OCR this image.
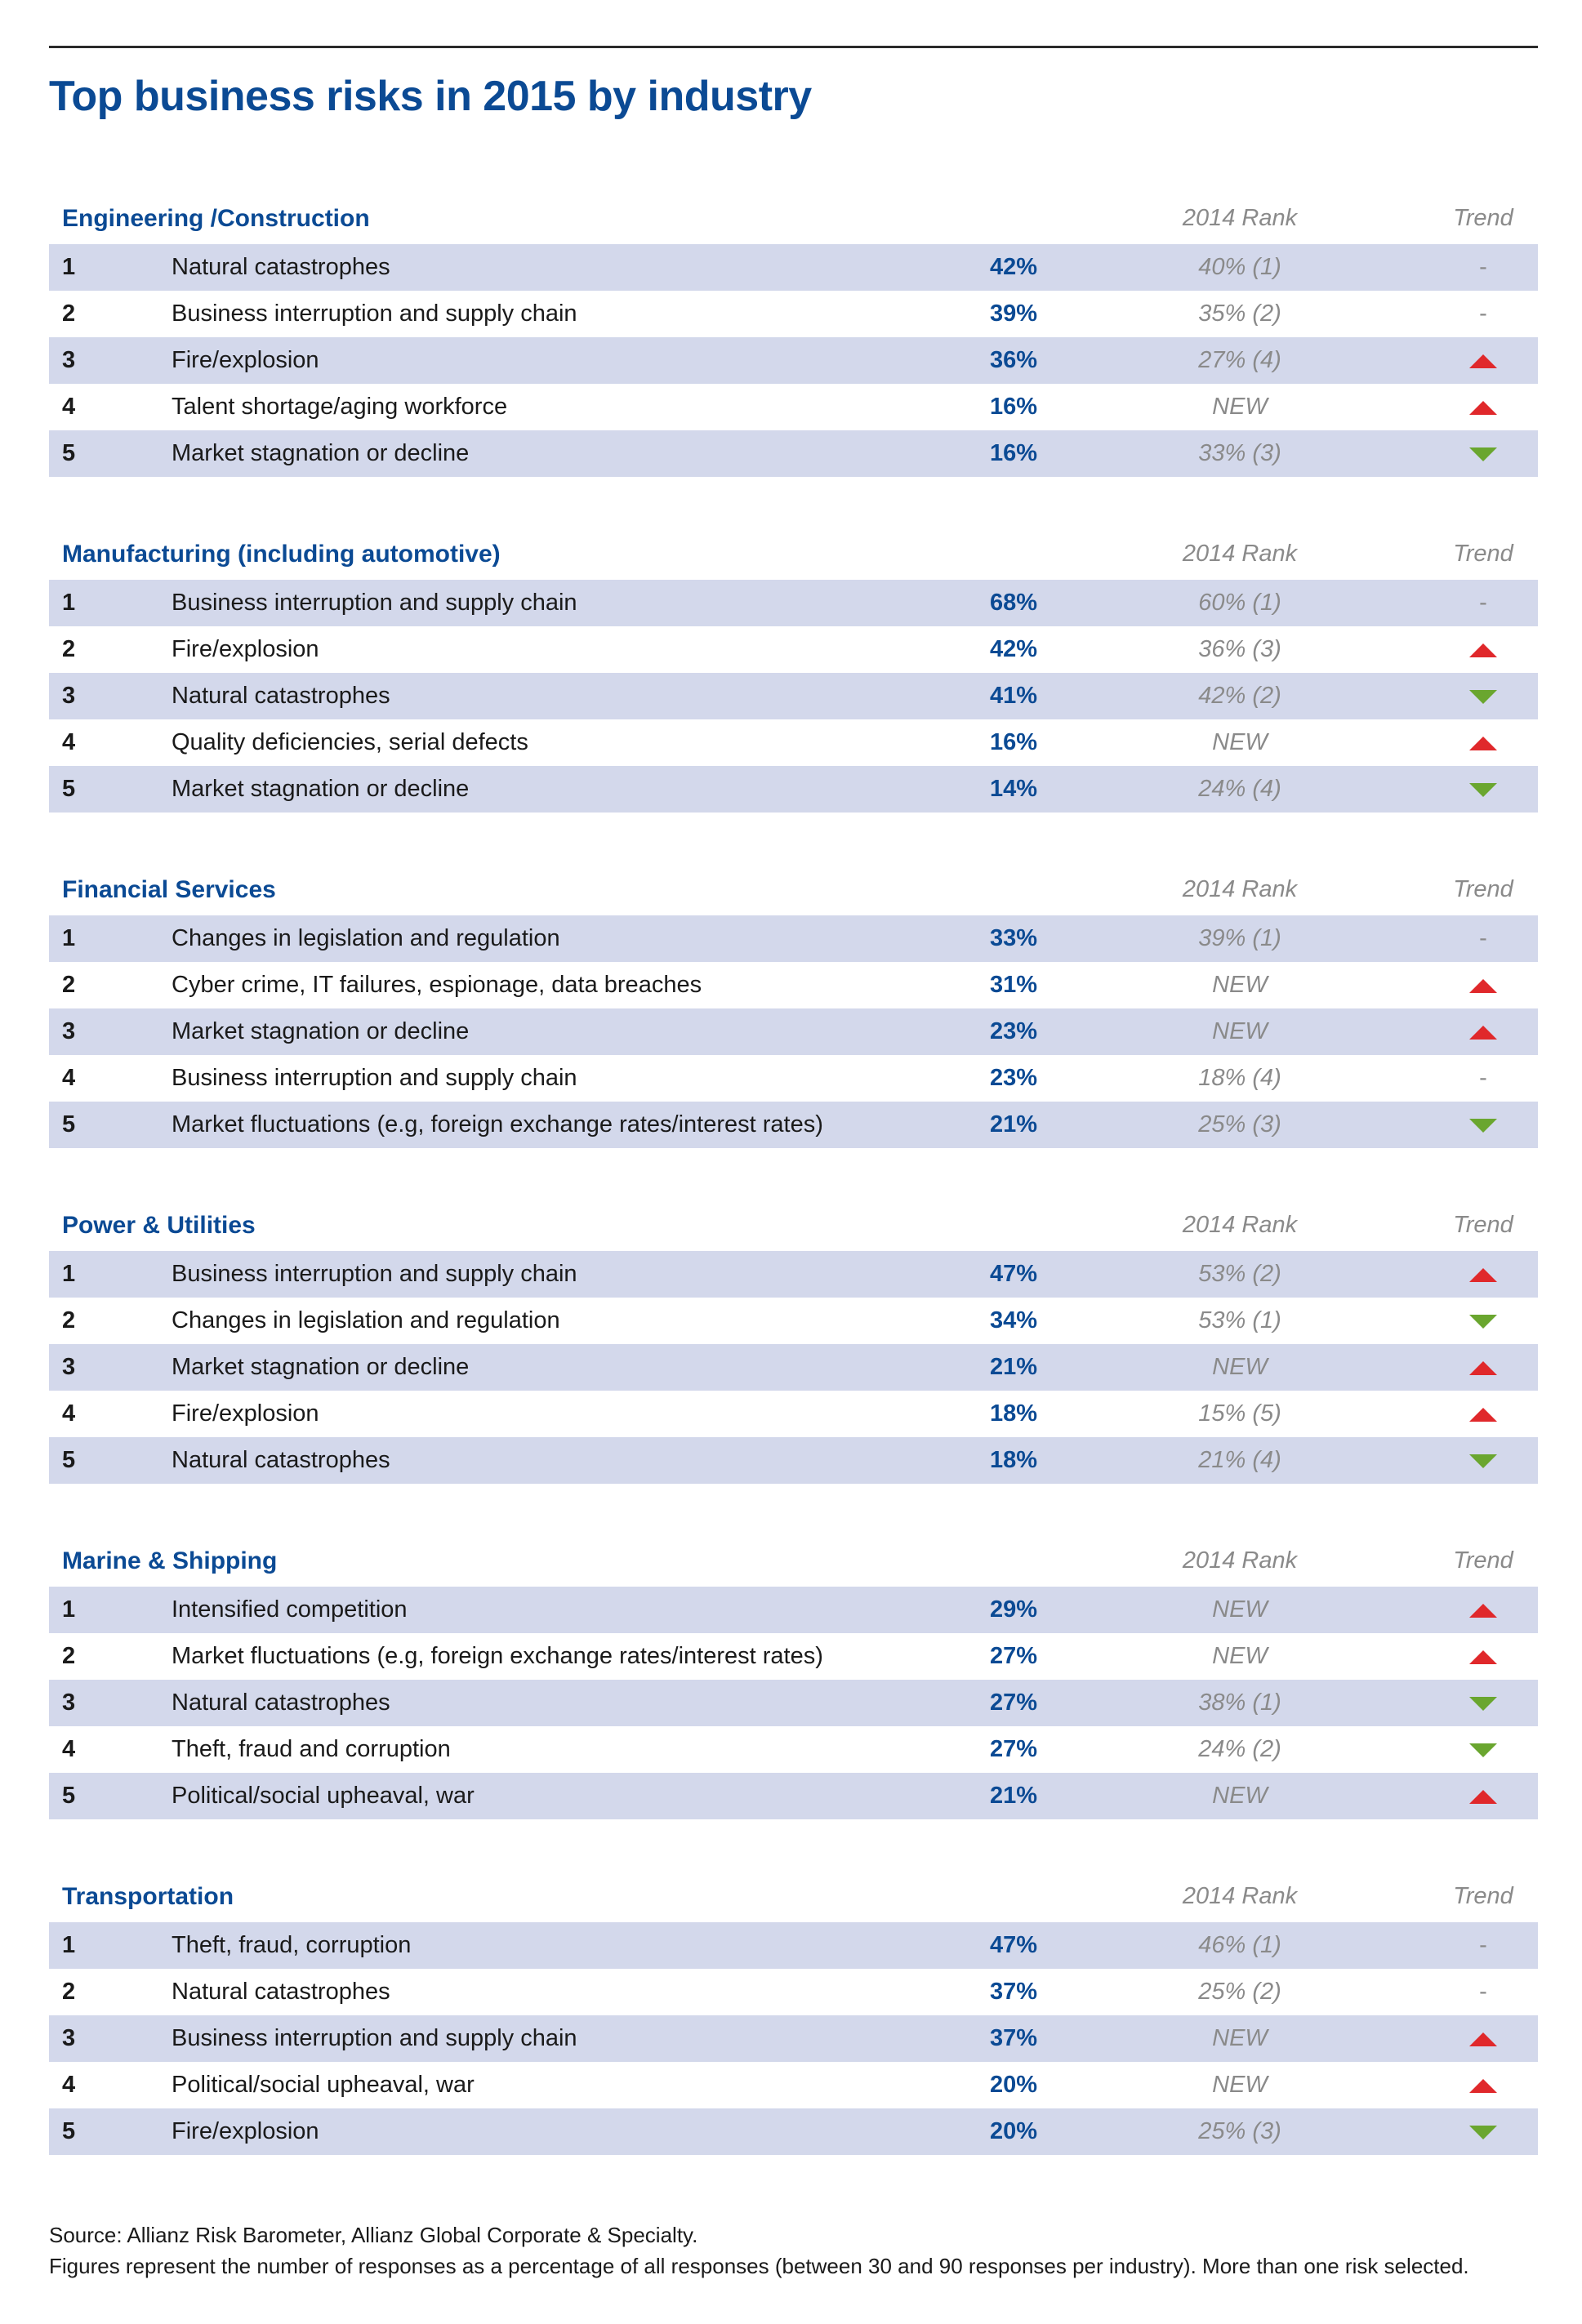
Top business risks in 2015 by industry
Engineering /Construction	2014 Rank	Trend
1	Natural catastrophes	42%	40% (1)	-
2	Business interruption and supply chain	39%	35% (2)	-
3	Fire/explosion	36%	27% (4)
4	Talent shortage/aging workforce	16%	NEW
5	Market stagnation or decline	16%	33% (3)
Manufacturing (including automotive)	2014 Rank	Trend
1	Business interruption and supply chain	68%	60% (1)	-
2	Fire/explosion	42%	36% (3)
3	Natural catastrophes	41%	42% (2)
4	Quality deficiencies, serial defects	16%	NEW
5	Market stagnation or decline	14%	24% (4)
Financial Services	2014 Rank	Trend
1	Changes in legislation and regulation	33%	39% (1)	-
2	Cyber crime, IT failures, espionage, data breaches	31%	NEW
3	Market stagnation or decline	23%	NEW
4	Business interruption and supply chain	23%	18% (4)	-
5	Market fluctuations (e.g, foreign exchange rates/interest rates)	21%	25% (3)
Power & Utilities	2014 Rank	Trend
1	Business interruption and supply chain	47%	53% (2)
2	Changes in legislation and regulation	34%	53% (1)
3	Market stagnation or decline	21%	NEW
4	Fire/explosion	18%	15% (5)
5	Natural catastrophes	18%	21% (4)
Marine & Shipping	2014 Rank	Trend
1	Intensified competition	29%	NEW
2	Market fluctuations (e.g, foreign exchange rates/interest rates)	27%	NEW
3	Natural catastrophes	27%	38% (1)
4	Theft, fraud and corruption	27%	24% (2)
5	Political/social upheaval, war	21%	NEW
Transportation	2014 Rank	Trend
1	Theft, fraud, corruption	47%	46% (1)	-
2	Natural catastrophes	37%	25% (2)	-
3	Business interruption and supply chain	37%	NEW
4	Political/social upheaval, war	20%	NEW
5	Fire/explosion	20%	25% (3)
Source: Allianz Risk Barometer, Allianz Global Corporate & Specialty.
Figures represent the number of responses as a percentage of all responses (between 30 and 90 responses per industry). More than one risk selected.
